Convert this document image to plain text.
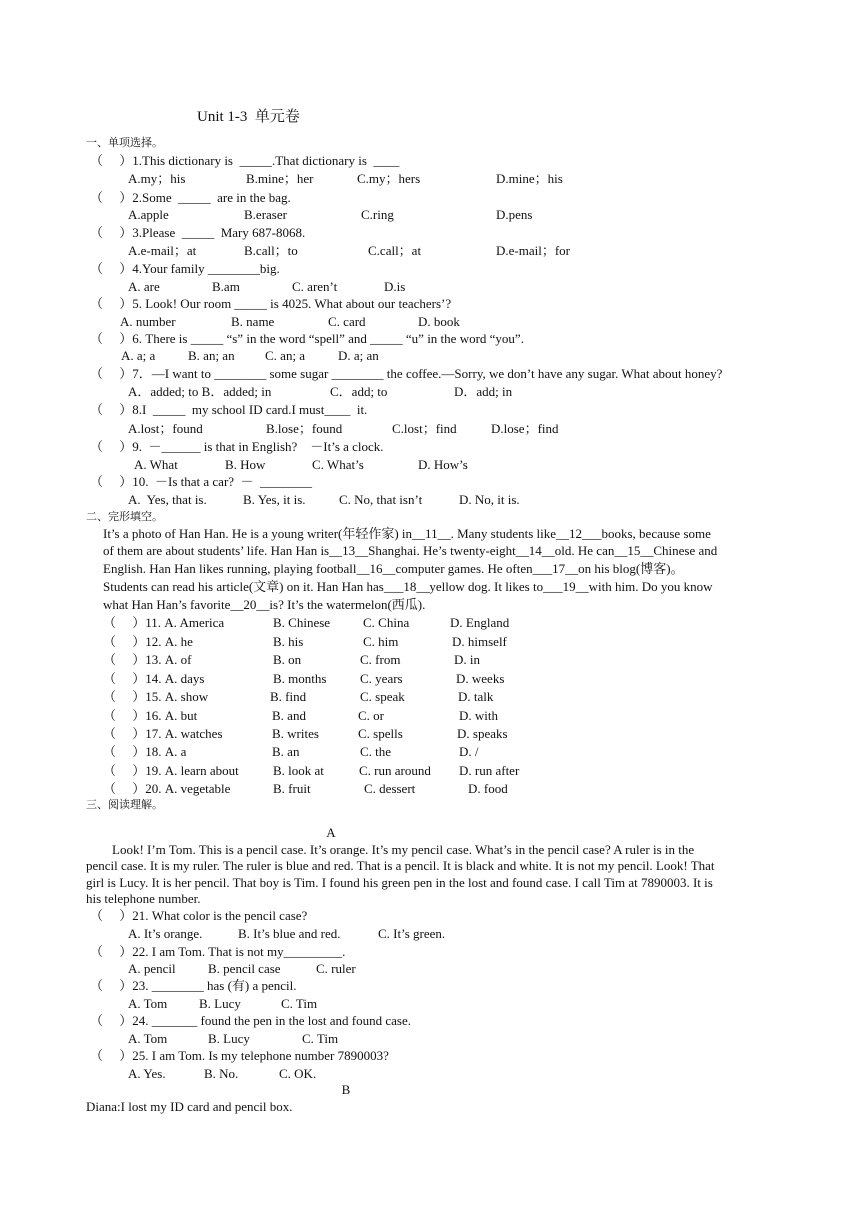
Unit 1-3  单元卷
一、单项选择。
（　 ）1.This dictionary is  _____.That dictionary is  ____
A.my；his	B.mine；her	C.my；hers	D.mine；his
（　 ）2.Some  _____  are in the bag.
A.apple	B.eraser	C.ring	D.pens
（　 ）3.Please  _____  Mary 687-8068.
A.e-mail；at	B.call；to	C.call；at	D.e-mail；for
（　 ）4.Your family ________big.
A. are	B.am	C. aren’t	D.is
（　 ）5. Look! Our room _____ is 4025. What about our teachers’?
A. number	B. name	C. card	D. book
（　 ）6. There is _____ “s” in the word “spell” and _____ “u” in the word “you”.
A. a; a	B. an; an C. an; a	D. a; an
（　 ）7．—I want to ________ some sugar ________ the coffee.—Sorry, we don’t have any sugar. What about honey?
A．added; to B．added; in	C．add; to	D．add; in
（　 ）8.I  _____  my school ID card.I must____  it.
A.lost；found	B.lose；found	C.lost；find	D.lose；find
（　 ）9.  －______ is that in English?    －It’s a clock.
A. What	B. How	C. What’s	D. How’s
（　 ）10.  －Is that a car?  －  ________
A.  Yes, that is.	B. Yes, it is.	C. No, that isn’t	D. No, it is.
二、完形填空。
It’s a photo of Han Han. He is a young writer(年轻作家) in__11__. Many students like__12___books, because some
of them are about students’ life. Han Han is__13__Shanghai. He’s twenty-eight__14__old. He can__15__Chinese and
English. Han Han likes running, playing football__16__computer games. He often___17__on his blog(博客)。
Students can read his article(文章) on it. Han Han has___18__yellow dog. It likes to___19__with him. Do you know
what Han Han’s favorite__20__is? It’s the watermelon(西瓜).
（　 ）11. A. America	B. Chinese	C. China	D. England
（　 ）12. A. he	B. his	C. him	D. himself
（　 ）13. A. of	B. on	C. from	D. in
（　 ）14. A. days	B. months	C. years	D. weeks
（　 ）15. A. show	B. find	C. speak	D. talk
（　 ）16. A. but	B. and	C. or	D. with
（　 ）17. A. watches	B. writes	C. spells	D. speaks
（　 ）18. A. a	B. an	C. the	D. /
（　 ）19. A. learn about	B. look at	C. run around D. run after
（　 ）20. A. vegetable	B. fruit	C. dessert	D. food
三、阅读理解。
A
Look! I’m Tom. This is a pencil case. It’s orange. It’s my pencil case. What’s in the pencil case? A ruler is in the
pencil case. It is my ruler. The ruler is blue and red. That is a pencil. It is black and white. It is not my pencil. Look! That
girl is Lucy. It is her pencil. That boy is Tim. I found his green pen in the lost and found case. I call Tim at 7890003. It is
his telephone number.
（　 ）21. What color is the pencil case?
A. It’s orange.	B. It’s blue and red.	C. It’s green.
（　 ）22. I am Tom. That is not my_________.
A. pencil B. pencil case	C. ruler
（　 ）23. ________ has (有) a pencil.
A. Tom B. Lucy	C. Tim
（　 ）24. _______ found the pen in the lost and found case.
A. Tom	B. Lucy	C. Tim
（　 ）25. I am Tom. Is my telephone number 7890003?
A. Yes.	B. No.	C. OK.
B
Diana:I lost my ID card and pencil box.
